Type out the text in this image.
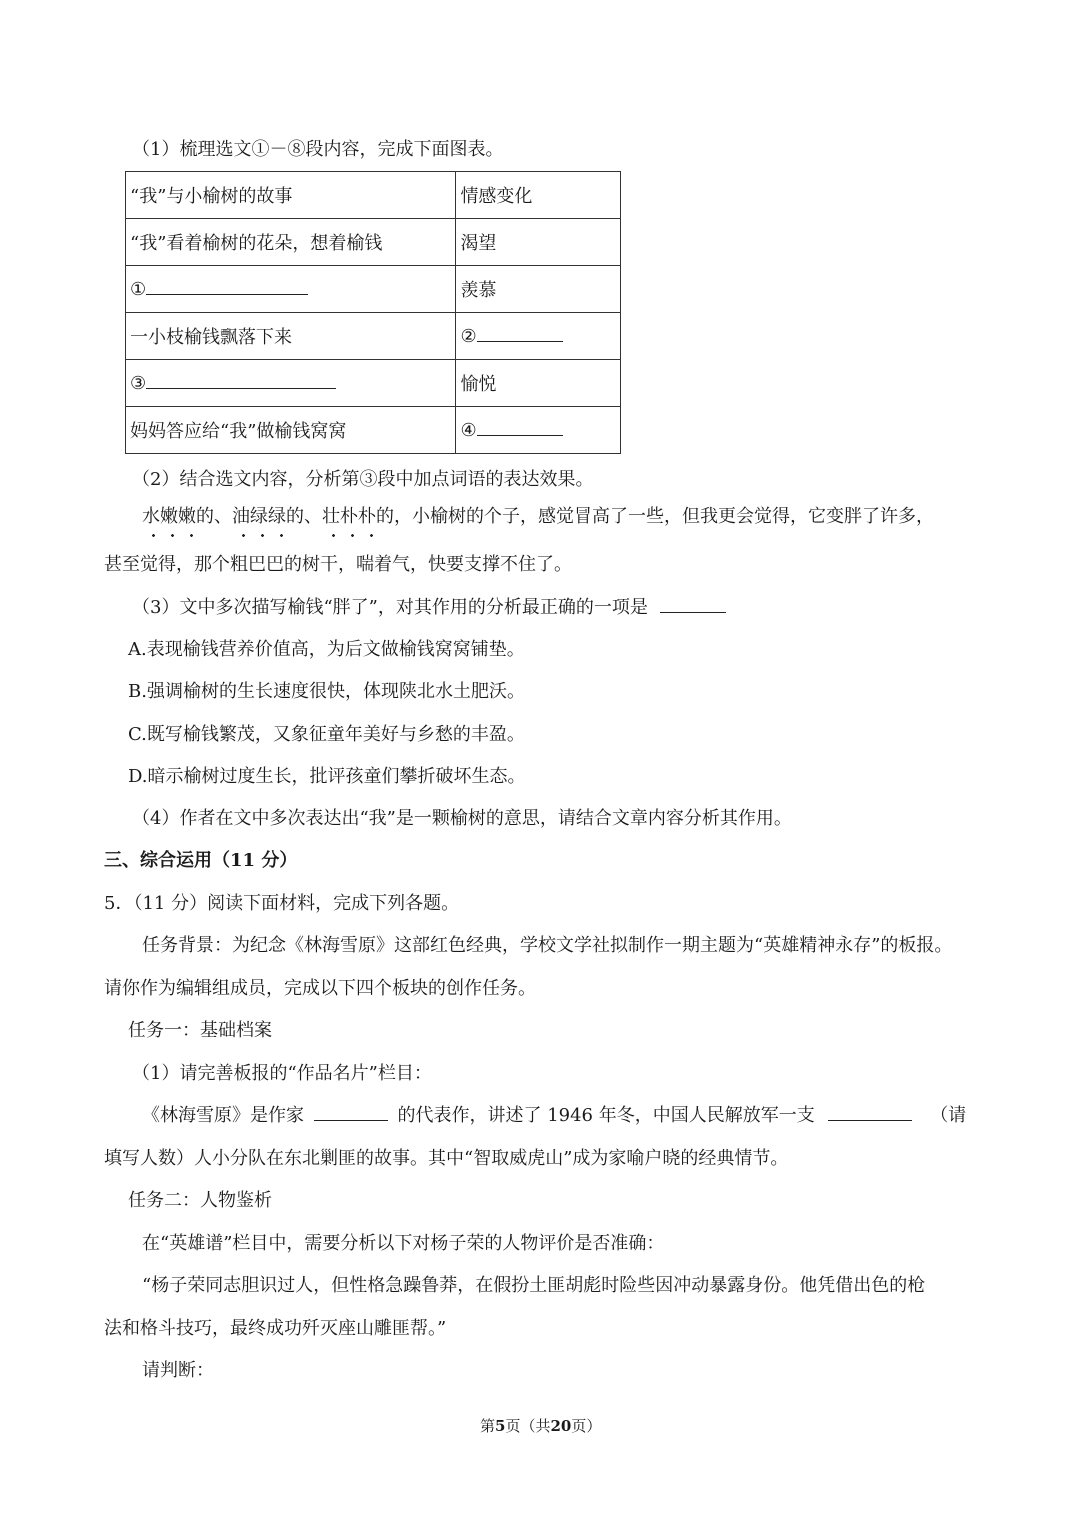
（1）梳理选文①－⑧段内容，完成下面图表。
“我”与小榆树的故事	情感变化
“我”看着榆树的花朵，想着榆钱	渴望
①	羡慕
一小枝榆钱飘落下来	②
③	愉悦
妈妈答应给“我”做榆钱窝窝	④
（2）结合选文内容，分析第③段中加点词语的表达效果。
水嫩嫩的、油绿绿的、壮朴朴的，小榆树的个子，感觉冒高了一些，但我更会觉得，它变胖了许多，
甚至觉得，那个粗巴巴的树干，喘着气，快要支撑不住了。
（3）文中多次描写榆钱“胖了”，对其作用的分析最正确的一项是
A.表现榆钱营养价值高，为后文做榆钱窝窝铺垫。
B.强调榆树的生长速度很快，体现陕北水土肥沃。
C.既写榆钱繁茂，又象征童年美好与乡愁的丰盈。
D.暗示榆树过度生长，批评孩童们攀折破坏生态。
（4）作者在文中多次表达出“我”是一颗榆树的意思，请结合文章内容分析其作用。
三、综合运用（11 分）
5．（11 分）阅读下面材料，完成下列各题。
任务背景：为纪念《林海雪原》这部红色经典，学校文学社拟制作一期主题为“英雄精神永存”的板报。
请你作为编辑组成员，完成以下四个板块的创作任务。
任务一：基础档案
（1）请完善板报的“作品名片”栏目：
《林海雪原》是作家	的代表作，讲述了 1946 年冬，中国人民解放军一支	（请
填写人数）人小分队在东北剿匪的故事。其中“智取威虎山”成为家喻户晓的经典情节。
任务二：人物鉴析
在“英雄谱”栏目中，需要分析以下对杨子荣的人物评价是否准确：
“杨子荣同志胆识过人，但性格急躁鲁莽，在假扮土匪胡彪时险些因冲动暴露身份。他凭借出色的枪
法和格斗技巧，最终成功歼灭座山雕匪帮。”
请判断：
第5页（共20页）
